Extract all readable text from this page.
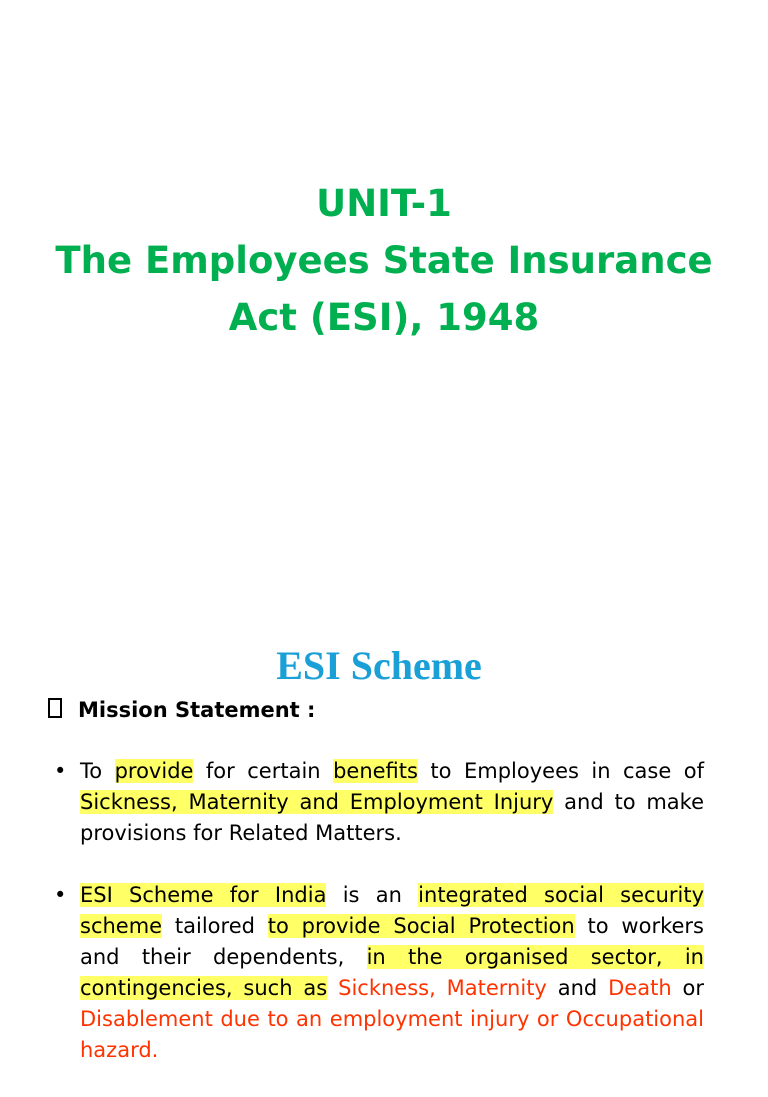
UNIT-1
The Employees State Insurance
Act (ESI), 1948
ESI Scheme
Mission Statement :

• To provide for certain benefits to Employees in case of Sickness, Maternity and Employment Injury and to make provisions for Related Matters.

• ESI Scheme for India is an integrated social security scheme tailored to provide Social Protection to workers and their dependents, in the organised sector, in contingencies, such as Sickness, Maternity and Death or Disablement due to an employment injury or Occupational hazard.
